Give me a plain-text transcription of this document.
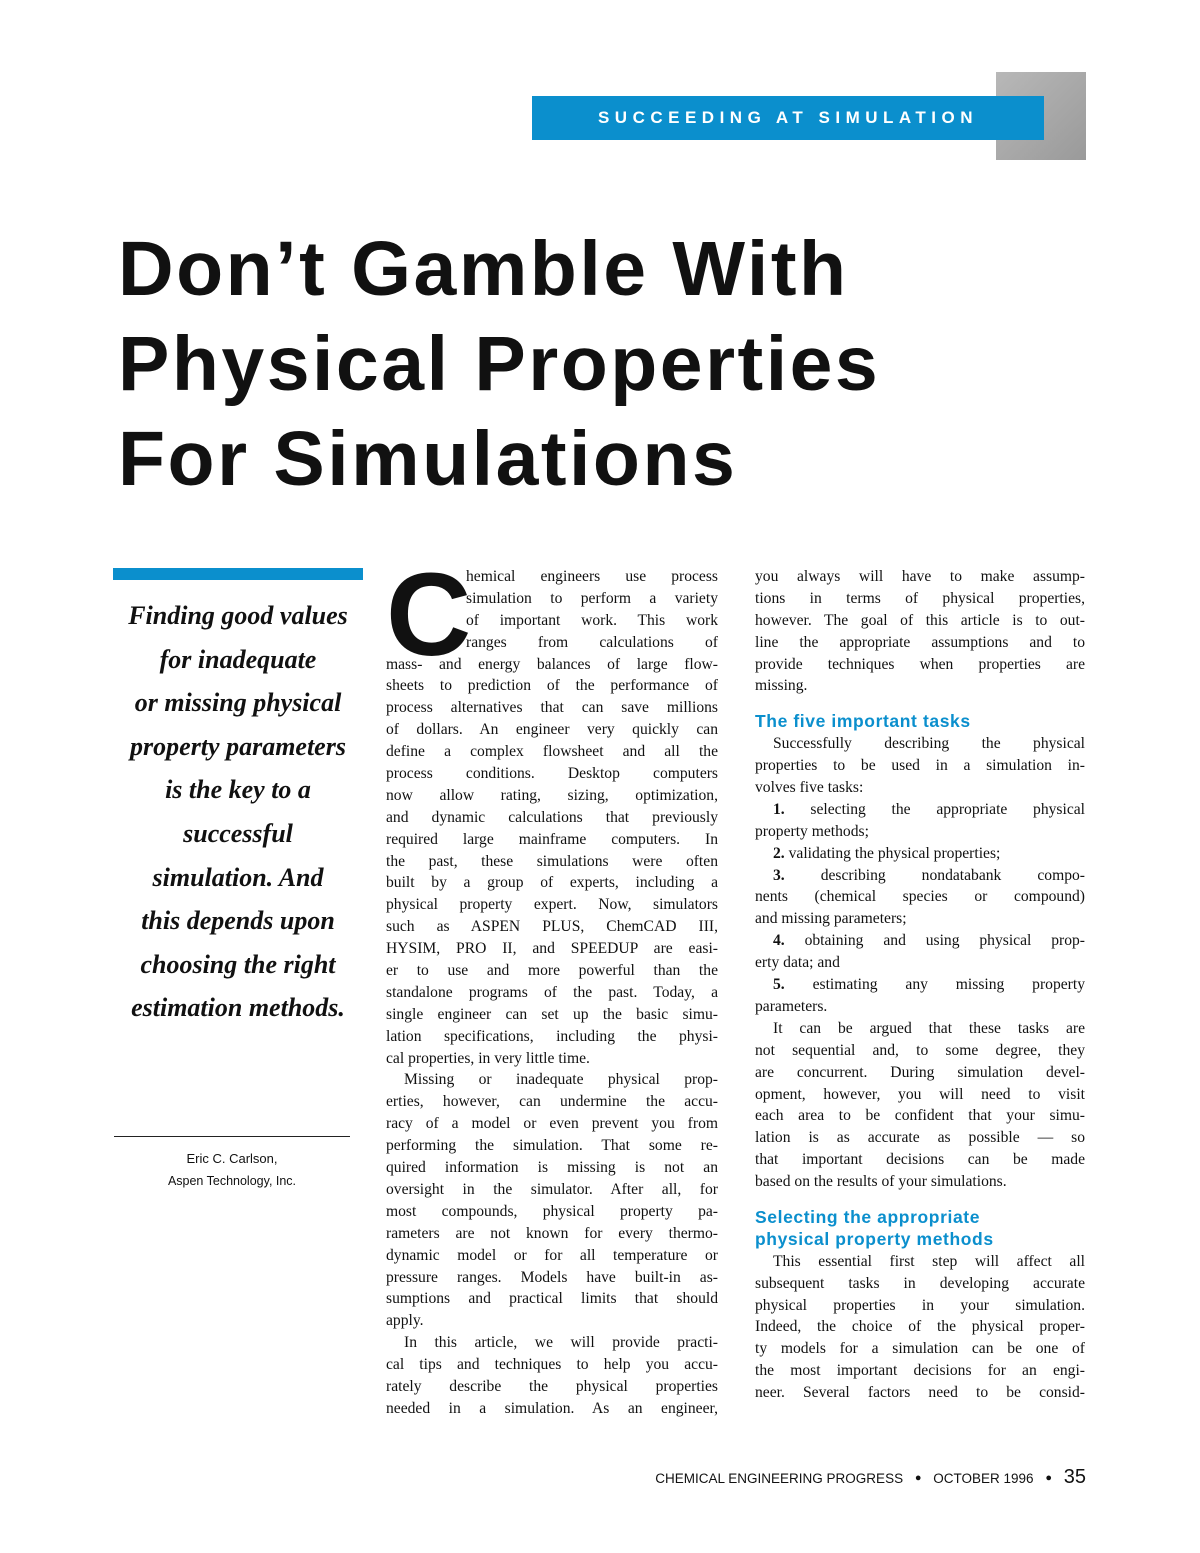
SUCCEEDING AT SIMULATION
Don’t Gamble With
Physical Properties
For Simulations

Finding good values
for inadequate
or missing physical
property parameters
is the key to a
successful
simulation. And
this depends upon
choosing the right
estimation methods.

Eric C. Carlson,
Aspen Technology, Inc.
C
hemical engineers use process
simulation to perform a variety
of important work. This work
ranges from calculations of
mass- and energy balances of large flow-
sheets to prediction of the performance of
process alternatives that can save millions
of dollars. An engineer very quickly can
define a complex flowsheet and all the
process conditions. Desktop computers
now allow rating, sizing, optimization,
and dynamic calculations that previously
required large mainframe computers. In
the past, these simulations were often
built by a group of experts, including a
physical property expert. Now, simulators
such as ASPEN PLUS, ChemCAD III,
HYSIM, PRO II, and SPEEDUP are easi-
er to use and more powerful than the
standalone programs of the past. Today, a
single engineer can set up the basic simu-
lation specifications, including the physi-
cal properties, in very little time.
Missing or inadequate physical prop-
erties, however, can undermine the accu-
racy of a model or even prevent you from
performing the simulation. That some re-
quired information is missing is not an
oversight in the simulator. After all, for
most compounds, physical property pa-
rameters are not known for every thermo-
dynamic model or for all temperature or
pressure ranges. Models have built-in as-
sumptions and practical limits that should
apply.
In this article, we will provide practi-
cal tips and techniques to help you accu-
rately describe the physical properties
needed in a simulation. As an engineer,
you always will have to make assump-
tions in terms of physical properties,
however. The goal of this article is to out-
line the appropriate assumptions and to
provide techniques when properties are
missing.
The five important tasks
Successfully describing the physical
properties to be used in a simulation in-
volves five tasks:
1. selecting the appropriate physical
property methods;
2. validating the physical properties;
3. describing nondatabank compo-
nents (chemical species or compound)
and missing parameters;
4. obtaining and using physical prop-
erty data; and
5. estimating any missing property
parameters.
It can be argued that these tasks are
not sequential and, to some degree, they
are concurrent. During simulation devel-
opment, however, you will need to visit
each area to be confident that your simu-
lation is as accurate as possible — so
that important decisions can be made
based on the results of your simulations.
Selecting the appropriate
physical property methods
This essential first step will affect all
subsequent tasks in developing accurate
physical properties in your simulation.
Indeed, the choice of the physical proper-
ty models for a simulation can be one of
the most important decisions for an engi-
neer. Several factors need to be consid-
CHEMICAL ENGINEERING PROGRESS ● OCTOBER 1996 ● 35
